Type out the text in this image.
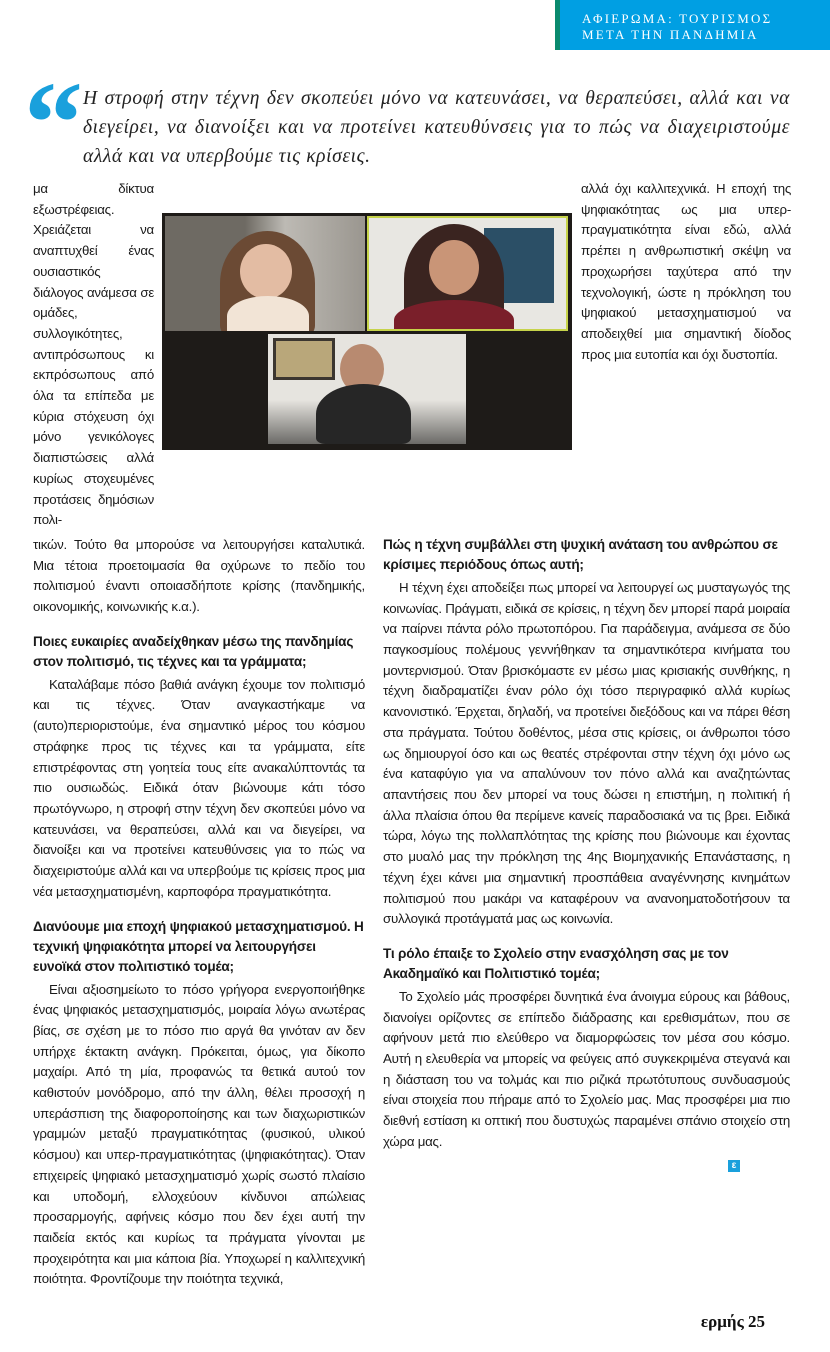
ΑΦΙΕΡΩΜΑ: ΤΟΥΡΙΣΜΟΣ
ΜΕΤΑ ΤΗΝ ΠΑΝΔΗΜΙΑ
“ Η στροφή στην τέχνη δεν σκοπεύει μόνο να κατευνάσει, να θεραπεύσει, αλλά και να διεγείρει, να διανοίξει και να προτείνει κατευθύνσεις για το πώς να διαχειριστούμε αλλά και να υπερβούμε τις κρίσεις.
μα δίκτυα εξωστρέφειας. Χρειάζεται να αναπτυχθεί ένας ουσιαστικός διάλογος ανάμεσα σε ομάδες, συλλογικότητες, αντιπρόσωπους κι εκπρόσωπους από όλα τα επίπεδα με κύρια στόχευση όχι μόνο γενικόλογες διαπιστώσεις αλλά κυρίως στοχευμένες προτάσεις δημόσιων πολι-
αλλά όχι καλλιτεχνικά. Η εποχή της ψηφιακότητας ως μια υπερ-πραγματικότητα είναι εδώ, αλλά πρέπει η ανθρωπιστική σκέψη να προχωρήσει ταχύτερα από την τεχνολογική, ώστε η πρόκληση του ψηφιακού μετασχηματισμού να αποδειχθεί μια σημαντική δίοδος προς μια ευτοπία και όχι δυστοπία.
τικών. Τούτο θα μπορούσε να λειτουργήσει καταλυτικά. Μια τέτοια προετοιμασία θα οχύρωνε το πεδίο του πολιτισμού έναντι οποιασδήποτε κρίσης (πανδημικής, οικονομικής, κοινωνικής κ.α.).
Ποιες ευκαιρίες αναδείχθηκαν μέσω της πανδημίας στον πολιτισμό, τις τέχνες και τα γράμματα;
Καταλάβαμε πόσο βαθιά ανάγκη έχουμε τον πολιτισμό και τις τέχνες. Όταν αναγκαστήκαμε να (αυτο)περιοριστούμε, ένα σημαντικό μέρος του κόσμου στράφηκε προς τις τέχνες και τα γράμματα, είτε επιστρέφοντας στη γοητεία τους είτε ανακαλύπτοντάς τα πιο ουσιωδώς. Ειδικά όταν βιώνουμε κάτι τόσο πρωτόγνωρο, η στροφή στην τέχνη δεν σκοπεύει μόνο να κατευνάσει, να θεραπεύσει, αλλά και να διεγείρει, να διανοίξει και να προτείνει κατευθύνσεις για το πώς να διαχειριστούμε αλλά και να υπερβούμε τις κρίσεις προς μια νέα μετασχηματισμένη, καρποφόρα πραγματικότητα.
Διανύουμε μια εποχή ψηφιακού μετασχηματισμού. Η τεχνική ψηφιακότητα μπορεί να λειτουργήσει ευνοϊκά στον πολιτιστικό τομέα;
Είναι αξιοσημείωτο το πόσο γρήγορα ενεργοποιήθηκε ένας ψηφιακός μετασχηματισμός, μοιραία λόγω ανωτέρας βίας, σε σχέση με το πόσο πιο αργά θα γινόταν αν δεν υπήρχε έκτακτη ανάγκη. Πρόκειται, όμως, για δίκοπο μαχαίρι. Από τη μία, προφανώς τα θετικά αυτού τον καθιστούν μονόδρομο, από την άλλη, θέλει προσοχή η υπεράσπιση της διαφοροποίησης και των διαχωριστικών γραμμών μεταξύ πραγματικότητας (φυσικού, υλικού κόσμου) και υπερ-πραγματικότητας (ψηφιακότητας). Όταν επιχειρείς ψηφιακό μετασχηματισμό χωρίς σωστό πλαίσιο και υποδομή, ελλοχεύουν κίνδυνοι απώλειας προσαρμογής, αφήνεις κόσμο που δεν έχει αυτή την παιδεία εκτός και κυρίως τα πράγματα γίνονται με προχειρότητα και μια κάποια βία. Υποχωρεί η καλλιτεχνική ποιότητα. Φροντίζουμε την ποιότητα τεχνικά,
Πώς η τέχνη συμβάλλει στη ψυχική ανάταση του ανθρώπου σε κρίσιμες περιόδους όπως αυτή;
Η τέχνη έχει αποδείξει πως μπορεί να λειτουργεί ως μυσταγωγός της κοινωνίας. Πράγματι, ειδικά σε κρίσεις, η τέχνη δεν μπορεί παρά μοιραία να παίρνει πάντα ρόλο πρωτοπόρου. Για παράδειγμα, ανάμεσα σε δύο παγκοσμίους πολέμους γεννήθηκαν τα σημαντικότερα κινήματα του μοντερνισμού. Όταν βρισκόμαστε εν μέσω μιας κρισιακής συνθήκης, η τέχνη διαδραματίζει έναν ρόλο όχι τόσο περιγραφικό αλλά κυρίως κανονιστικό. Έρχεται, δηλαδή, να προτείνει διεξόδους και να πάρει θέση στα πράγματα. Τούτου δοθέντος, μέσα στις κρίσεις, οι άνθρωποι τόσο ως δημιουργοί όσο και ως θεατές στρέφονται στην τέχνη όχι μόνο ως ένα καταφύγιο για να απαλύνουν τον πόνο αλλά και αναζητώντας απαντήσεις που δεν μπορεί να τους δώσει η επιστήμη, η πολιτική ή άλλα πλαίσια όπου θα περίμενε κανείς παραδοσιακά να τις βρει. Ειδικά τώρα, λόγω της πολλαπλότητας της κρίσης που βιώνουμε και έχοντας στο μυαλό μας την πρόκληση της 4ης Βιομηχανικής Επανάστασης, η τέχνη έχει κάνει μια σημαντική προσπάθεια αναγέννησης κινημάτων πολιτισμού που μακάρι να καταφέρουν να ανανοηματοδοτήσουν τα συλλογικά προτάγματά μας ως κοινωνία.
Τι ρόλο έπαιξε το Σχολείο στην ενασχόληση σας με τον Ακαδημαϊκό και Πολιτιστικό τομέα;
Το Σχολείο μάς προσφέρει δυνητικά ένα άνοιγμα εύρους και βάθους, διανοίγει ορίζοντες σε επίπεδο διάδρασης και ερεθισμάτων, που σε αφήνουν μετά πιο ελεύθερο να διαμορφώσεις τον μέσα σου κόσμο. Αυτή η ελευθερία να μπορείς να φεύγεις από συγκεκριμένα στεγανά και η διάσταση του να τολμάς και πιο ριζικά πρωτότυπους συνδυασμούς είναι στοιχεία που πήραμε από το Σχολείο μας. Μας προσφέρει μια πιο διεθνή εστίαση κι οπτική που δυστυχώς παραμένει σπάνιο στοιχείο στη χώρα μας.
ε
ερμής 25
